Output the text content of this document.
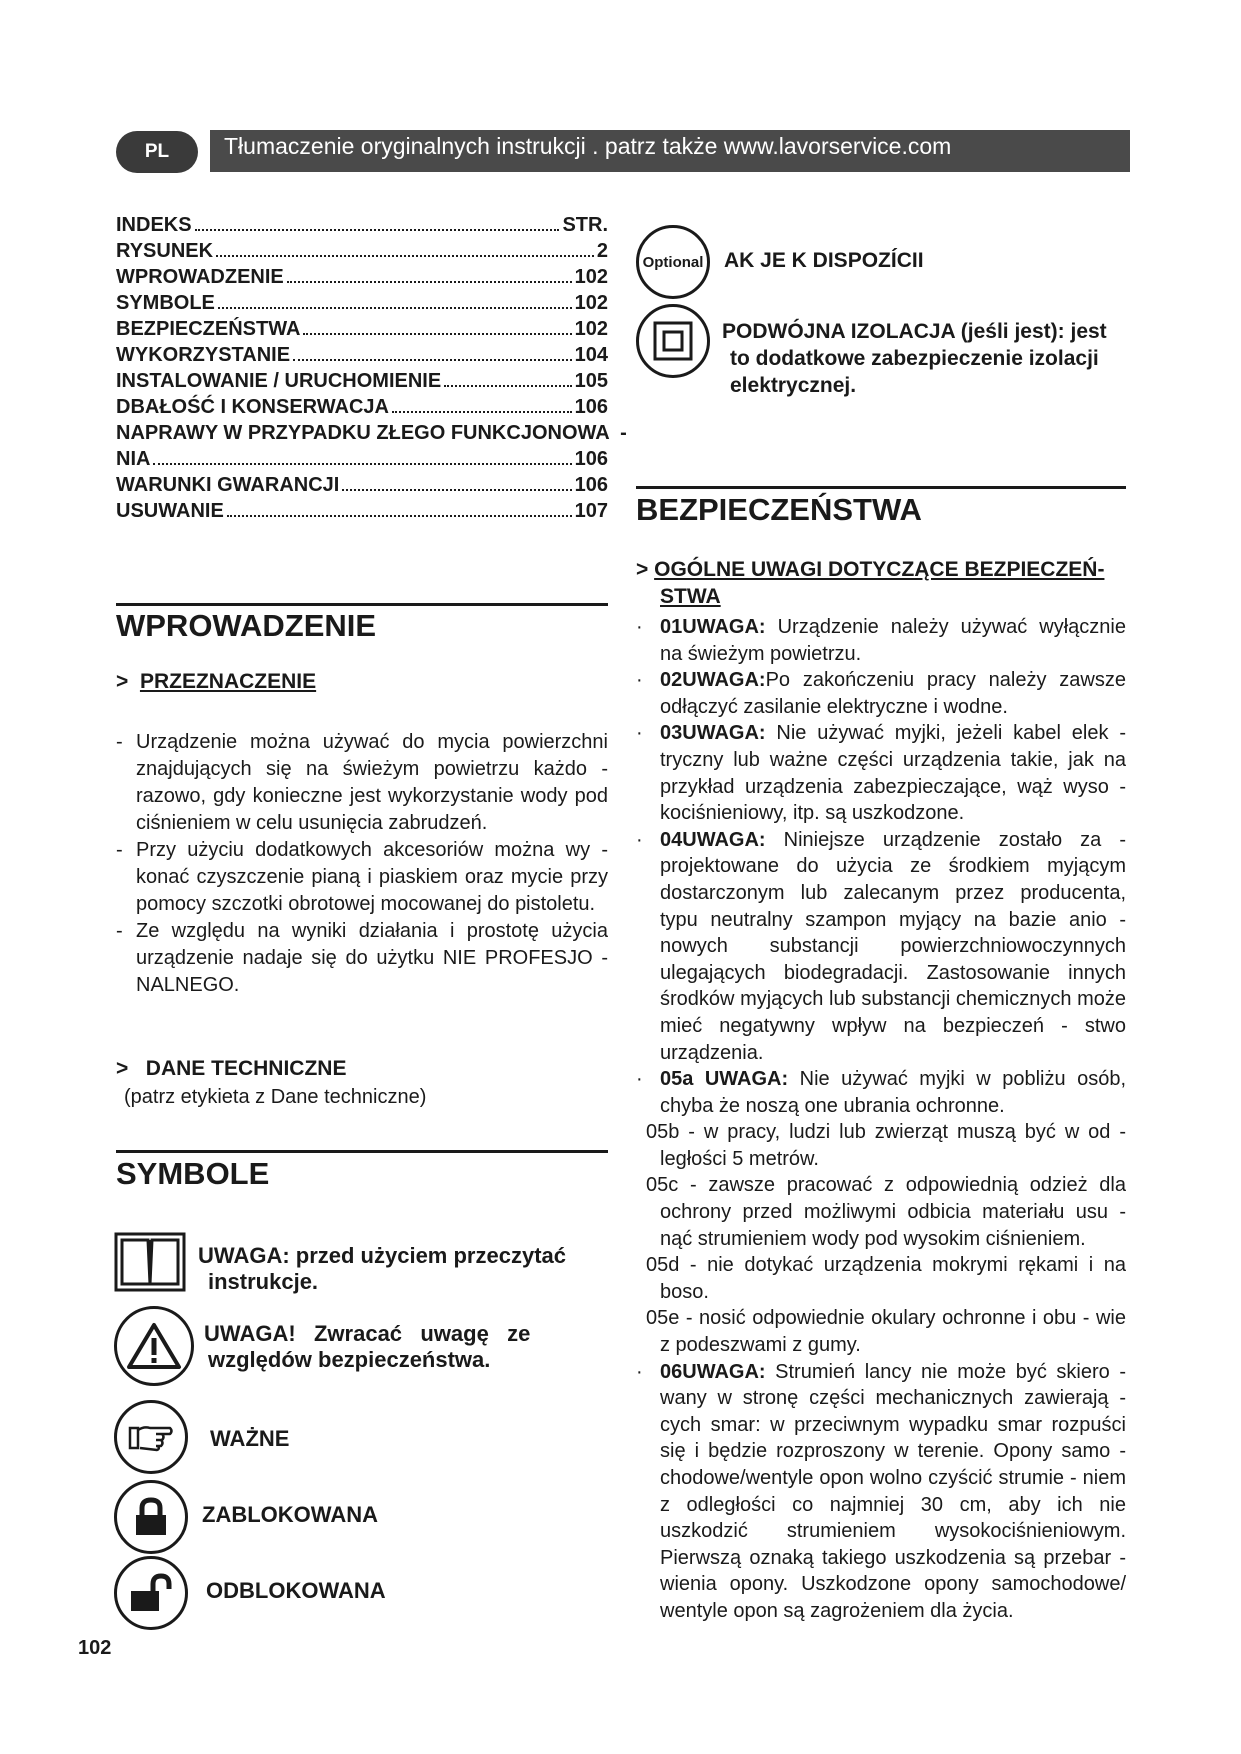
PL Tłumaczenie oryginalnych instrukcji . patrz także www.lavorservice.com
INDEKS	STR.
RYSUNEK	2
WPROWADZENIE	102
SYMBOLE	102
BEZPIECZEŃSTWA	102
WYKORZYSTANIE	104
INSTALOWANIE / URUCHOMIENIE	105
DBAŁOŚĆ I KONSERWACJA	106
NAPRAWY W PRZYPADKU ZŁEGO FUNKCJONOWA  -
NIA	106
WARUNKI GWARANCJI	106
USUWANIE	107
WPROWADZENIE
> PRZEZNACZENIE
- Urządzenie można używać do mycia powierzchni znajdujących się na świeżym powietrzu każdo - razowo, gdy konieczne jest wykorzystanie wody pod ciśnieniem w celu usunięcia zabrudzeń.
- Przy użyciu dodatkowych akcesoriów można wy - konać czyszczenie pianą i piaskiem oraz mycie przy pomocy szczotki obrotowej mocowanej do pistoletu.
- Ze względu na wyniki działania i prostotę użycia urządzenie nadaje się do użytku NIE PROFESJO - NALNEGO.
> DANE TECHNICZNE
(patrz etykieta z Dane techniczne)
SYMBOLE
UWAGA: przed użyciem przeczytać
instrukcje.
UWAGA!   Zwracać   uwagę   ze
względów bezpieczeństwa.
WAŻNE
ZABLOKOWANA
ODBLOKOWANA
102
Optional AK JE K DISPOZÍCII
PODWÓJNA IZOLACJA (jeśli jest): jest
to dodatkowe zabezpieczenie izolacji
elektrycznej.
BEZPIECZEŃSTWA
> OGÓLNE UWAGI DOTYCZĄCE BEZPIECZEŃ-
STWA
· 01UWAGA: Urządzenie należy używać wyłącznie na świeżym powietrzu.
· 02UWAGA:Po zakończeniu pracy należy zawsze odłączyć zasilanie elektryczne i wodne.
· 03UWAGA: Nie używać myjki, jeżeli kabel elek - tryczny lub ważne części urządzenia takie, jak na przykład urządzenia zabezpieczające, wąż wyso - kociśnieniowy, itp. są uszkodzone.
· 04UWAGA: Niniejsze urządzenie zostało za - projektowane do użycia ze środkiem myjącym dostarczonym lub zalecanym przez producenta, typu neutralny szampon myjący na bazie anio - nowych substancji powierzchniowoczynnych ulegających biodegradacji. Zastosowanie innych środków myjących lub substancji chemicznych może mieć negatywny wpływ na bezpieczeń - stwo urządzenia.
· 05a UWAGA: Nie używać myjki w pobliżu osób, chyba że noszą one ubrania ochronne.
05b - w pracy, ludzi lub zwierząt muszą być w od - ległości 5 metrów.
05c - zawsze pracować z odpowiednią odzież dla ochrony przed możliwymi odbicia materiału usu - nąć strumieniem wody pod wysokim ciśnieniem.
05d - nie dotykać urządzenia mokrymi rękami i na boso.
05e - nosić odpowiednie okulary ochronne i obu - wie z podeszwami z gumy.
· 06UWAGA: Strumień lancy nie może być skiero - wany w stronę części mechanicznych zawierają - cych smar: w przeciwnym wypadku smar rozpuści się i będzie rozproszony w terenie. Opony samo - chodowe/wentyle opon wolno czyścić strumie - niem z odległości co najmniej 30 cm, aby ich nie uszkodzić strumieniem wysokociśnieniowym. Pierwszą oznaką takiego uszkodzenia są przebar - wienia opony. Uszkodzone opony samochodowe/ wentyle opon są zagrożeniem dla życia.
